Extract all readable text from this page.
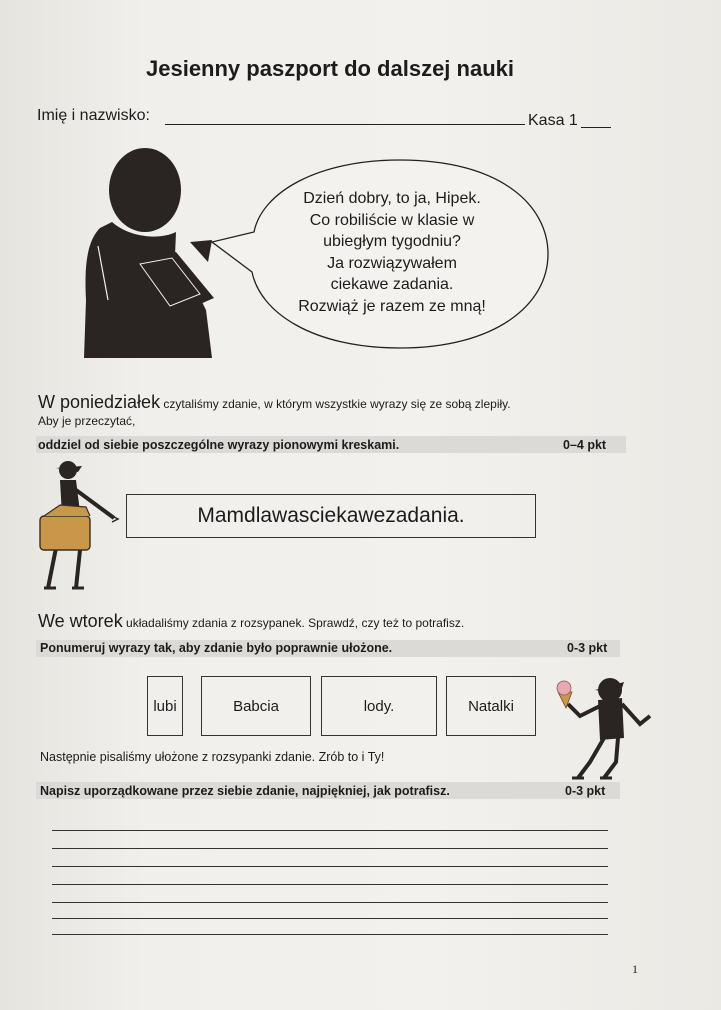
Jesienny paszport do dalszej nauki
Imię i nazwisko:	Kasa 1
Dzień dobry, to ja, Hipek.
Co robiliście w klasie w
ubiegłym tygodniu?
Ja rozwiązywałem
ciekawe zadania.
Rozwiąż je razem ze mną!
W poniedziałek czytaliśmy zdanie, w którym wszystkie wyrazy się ze sobą zlepiły.
Aby je przeczytać,
oddziel od siebie poszczególne wyrazy pionowymi kreskami.	0–4 pkt
Mamdlawasciekawezadania.
We wtorek układaliśmy zdania z rozsypanek. Sprawdź, czy też to potrafisz.
Ponumeruj wyrazy tak, aby zdanie było poprawnie ułożone.	0-3 pkt
lubi	Babcia	lody.	Natalki
Następnie pisaliśmy ułożone z rozsypanki zdanie. Zrób to i Ty!
Napisz uporządkowane przez siebie zdanie, najpiękniej, jak potrafisz.	0-3 pkt
1
